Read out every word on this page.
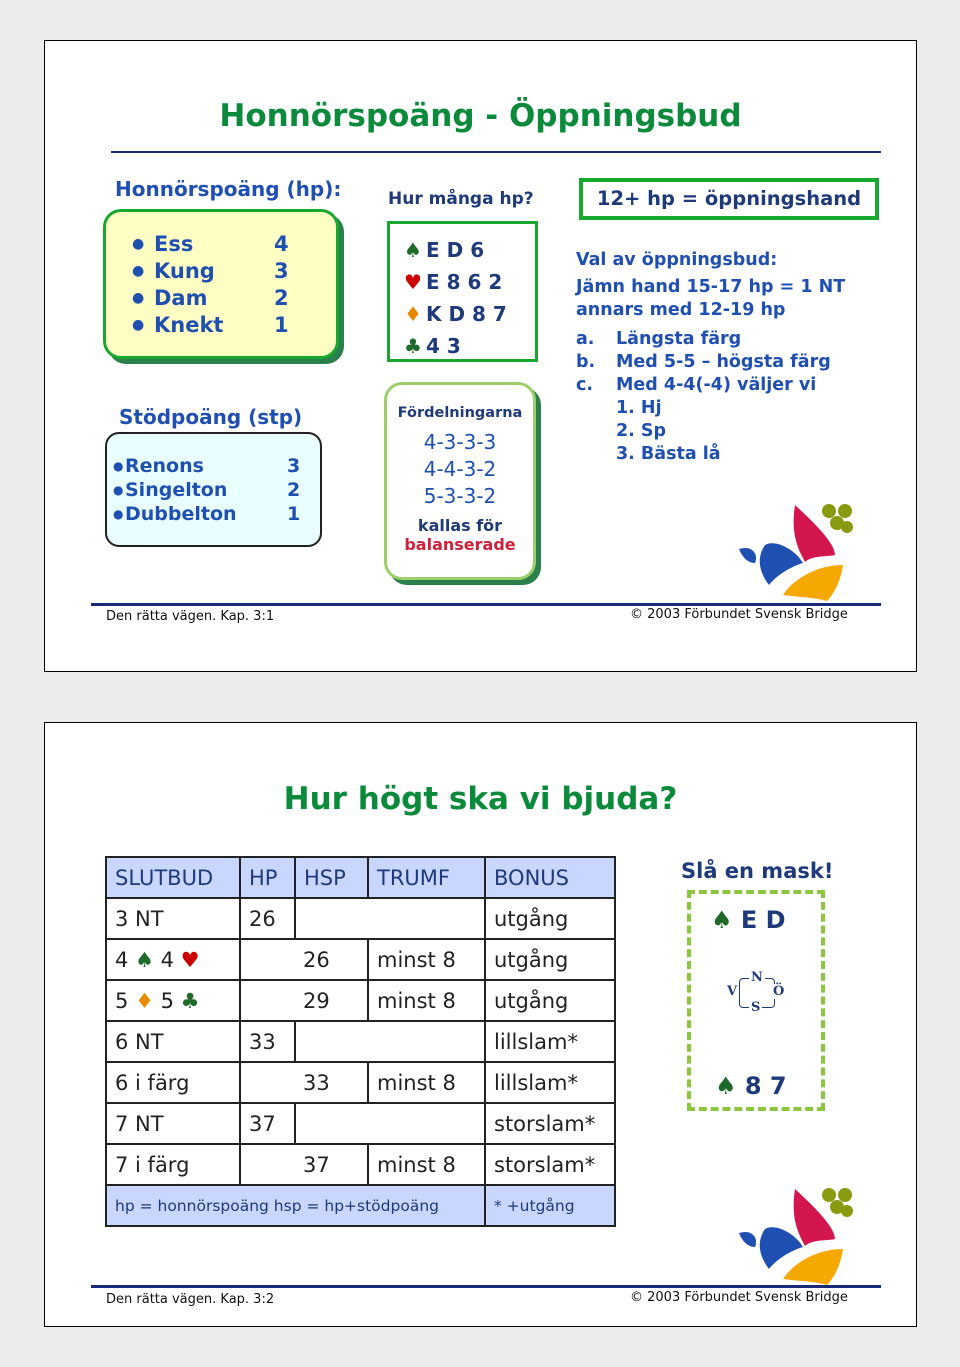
Honnörspoäng - Öppningsbud
Honnörspoäng (hp):
● Ess	4
● Kung	3
● Dam	2
● Knekt	1
Stödpoäng (stp)
● Renons	3
● Singelton	2
● Dubbelton	1
Hur många hp?
♠ E D 6
♥ E 8 6 2
♦ K D 8 7
♣ 4 3
Fördelningarna
4-3-3-3
4-4-3-2
5-3-3-2
kallas för
balanserade
12+ hp = öppningshand
Val av öppningsbud:
Jämn hand 15-17 hp = 1 NT
annars med 12-19 hp
a. Längsta färg
b. Med 5-5 – högsta färg
c. Med 4-4(-4) väljer vi
1. Hj
2. Sp
3. Bästa lå
Den rätta vägen. Kap. 3:1	© 2003 Förbundet Svensk Bridge
Hur högt ska vi bjuda?
SLUTBUD	HP	HSP	TRUMF	BONUS
3 NT	26			utgång
4 ♠ 4 ♥		26	minst 8	utgång
5 ♦ 5 ♣		29	minst 8	utgång
6 NT	33			lillslam*
6 i färg		33	minst 8	lillslam*
7 NT	37			storslam*
7 i färg		37	minst 8	storslam*
hp = honnörspoäng hsp = hp+stödpoäng				* +utgång
Slå en mask!
♠ E D
N
V	Ö
S
♠ 8 7
Den rätta vägen. Kap. 3:2	© 2003 Förbundet Svensk Bridge
